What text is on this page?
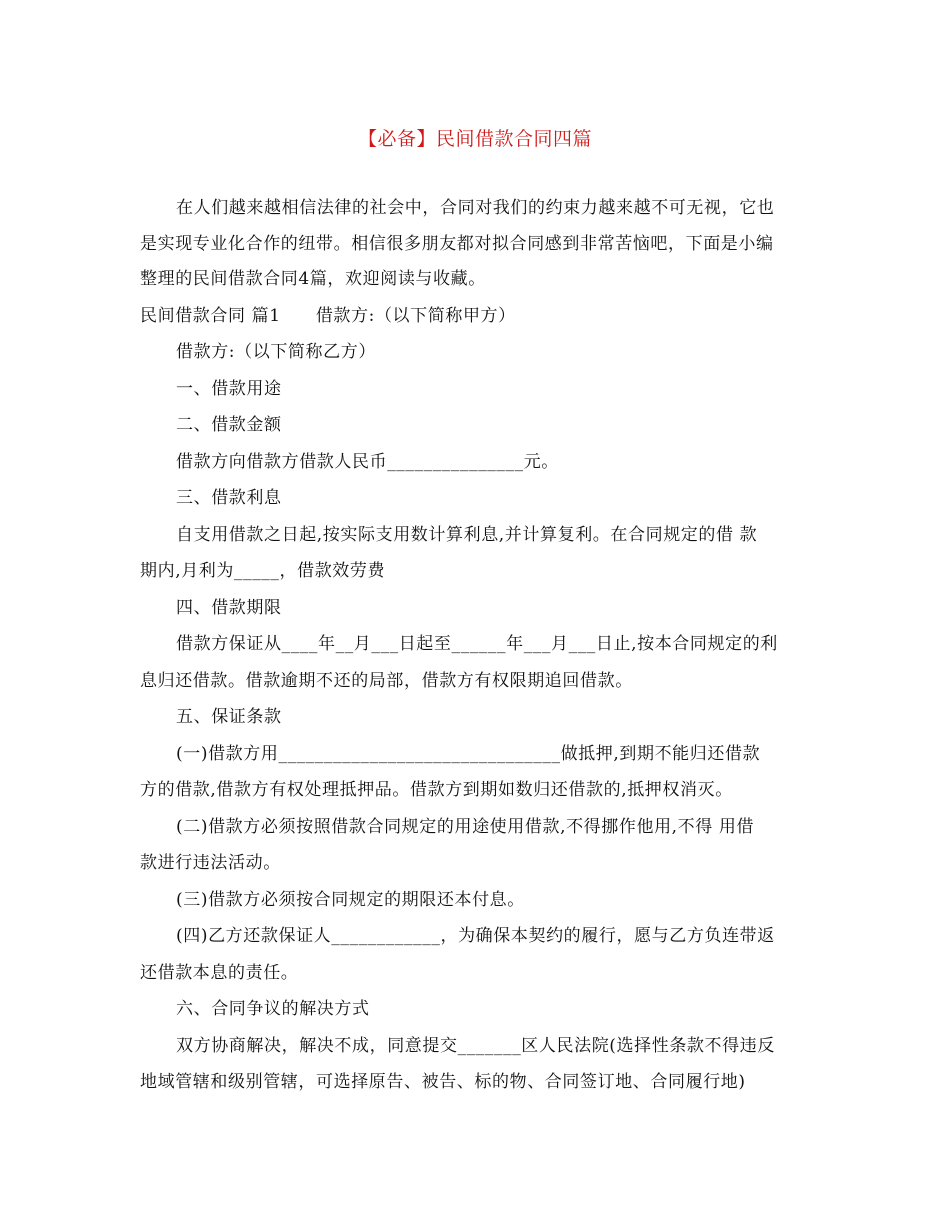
【必备】民间借款合同四篇
在人们越来越相信法律的社会中，合同对我们的约束力越来越不可无视，它也
是实现专业化合作的纽带。相信很多朋友都对拟合同感到非常苦恼吧，下面是小编
整理的民间借款合同4篇，欢迎阅读与收藏。
民间借款合同 篇1　　借款方:（以下简称甲方）
借款方:（以下简称乙方）
一、借款用途
二、借款金额
借款方向借款方借款人民币_______________元。
三、借款利息
自支用借款之日起,按实际支用数计算利息,并计算复利。在合同规定的借 款
期内,月利为_____，借款效劳费
四、借款期限
借款方保证从____年__月___日起至______年___月___日止,按本合同规定的利
息归还借款。借款逾期不还的局部，借款方有权限期追回借款。
五、保证条款
(一)借款方用_______________________________做抵押,到期不能归还借款
方的借款,借款方有权处理抵押品。借款方到期如数归还借款的,抵押权消灭。
(二)借款方必须按照借款合同规定的用途使用借款,不得挪作他用,不得 用借
款进行违法活动。
(三)借款方必须按合同规定的期限还本付息。
(四)乙方还款保证人____________，为确保本契约的履行，愿与乙方负连带返
还借款本息的责任。
六、合同争议的解决方式
双方协商解决，解决不成，同意提交_______区人民法院(选择性条款不得违反
地域管辖和级别管辖，可选择原告、被告、标的物、合同签订地、合同履行地)
